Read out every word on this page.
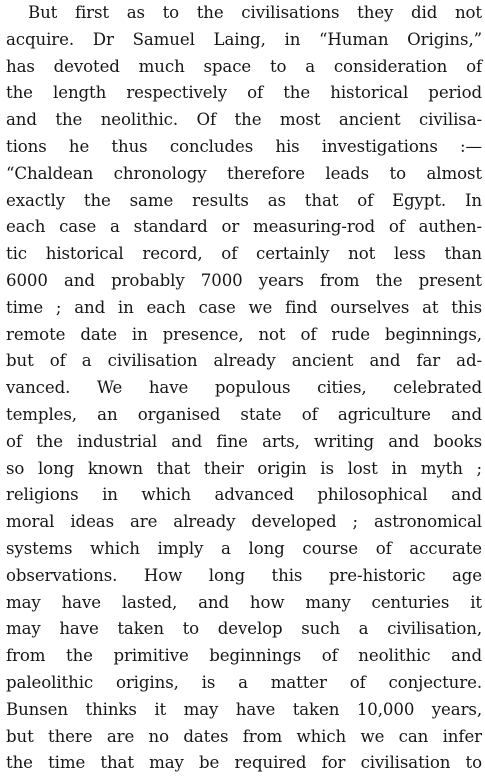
But first as to the civilisations they did not
acquire. Dr Samuel Laing, in “Human Origins,”
has devoted much space to a consideration of
the length respectively of the historical period
and the neolithic. Of the most ancient civilisa-
tions he thus concludes his investigations :—
“Chaldean chronology therefore leads to almost
exactly the same results as that of Egypt. In
each case a standard or measuring-rod of authen-
tic historical record, of certainly not less than
6000 and probably 7000 years from the present
time ; and in each case we find ourselves at this
remote date in presence, not of rude beginnings,
but of a civilisation already ancient and far ad-
vanced. We have populous cities, celebrated
temples, an organised state of agriculture and
of the industrial and fine arts, writing and books
so long known that their origin is lost in myth ;
religions in which advanced philosophical and
moral ideas are already developed ; astronomical
systems which imply a long course of accurate
observations. How long this pre-historic age
may have lasted, and how many centuries it
may have taken to develop such a civilisation,
from the primitive beginnings of neolithic and
paleolithic origins, is a matter of conjecture.
Bunsen thinks it may have taken 10,000 years,
but there are no dates from which we can infer
the time that may be required for civilisation to
